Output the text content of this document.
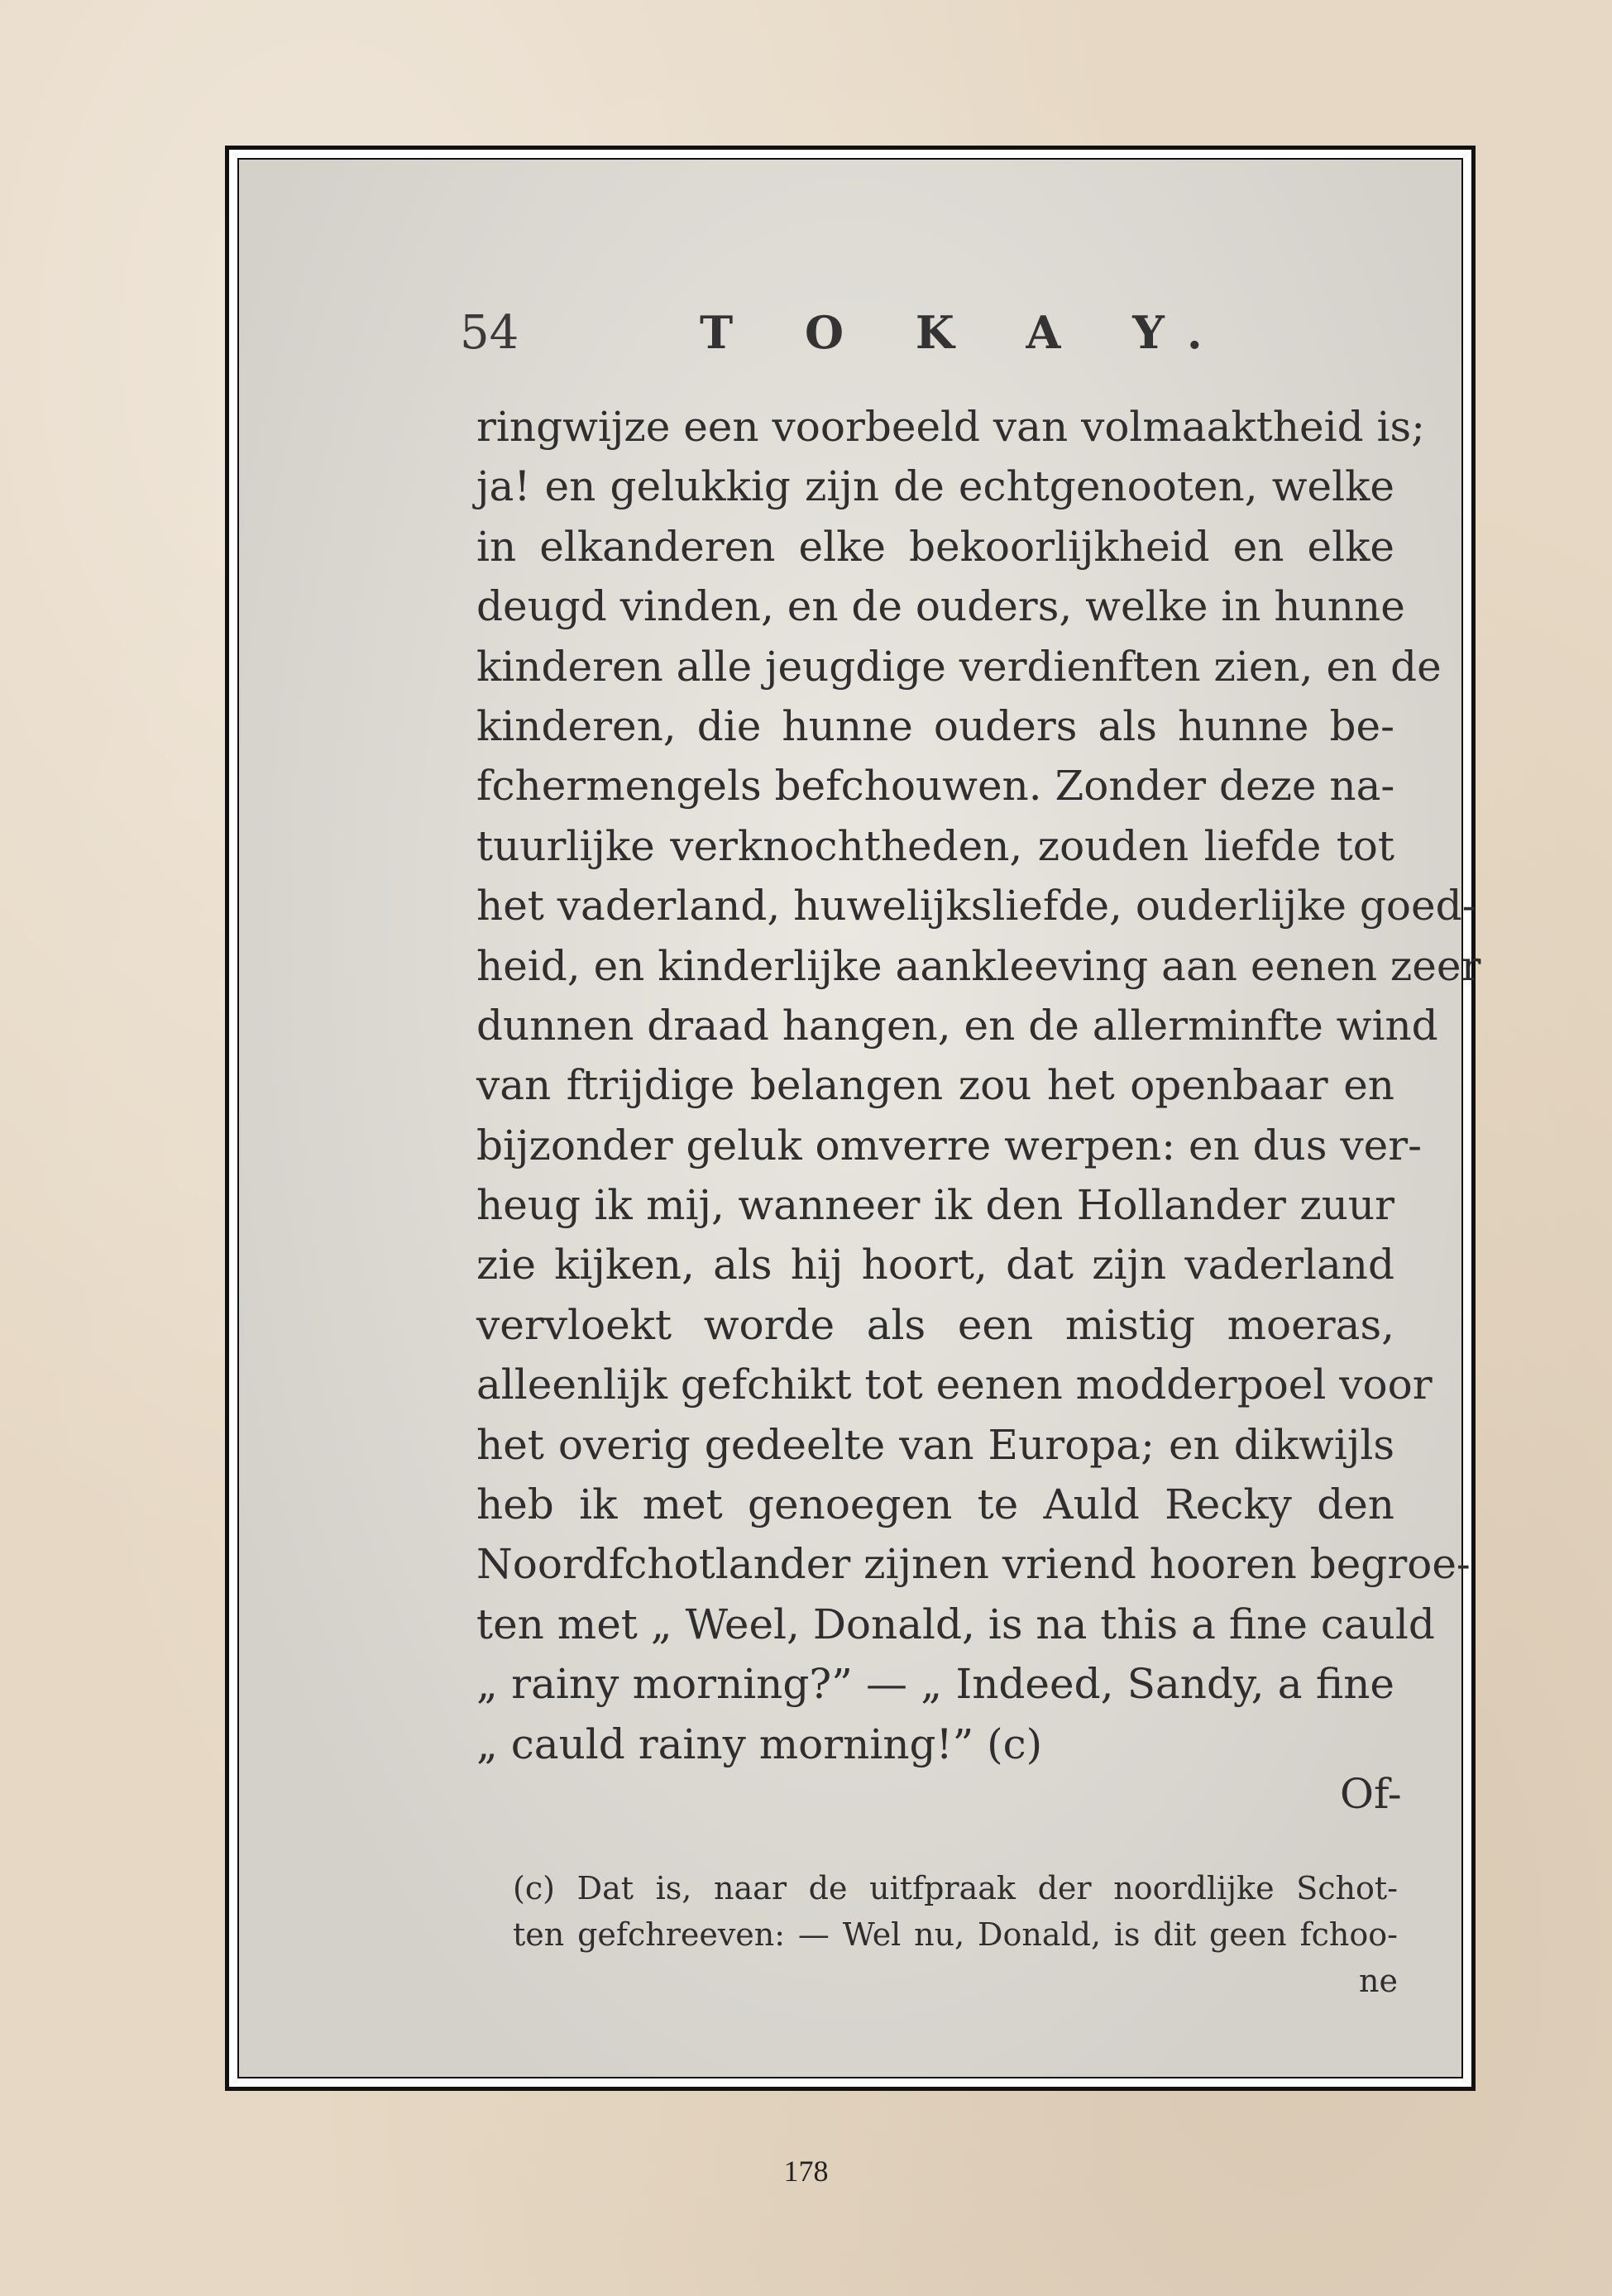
54	T O K A Y.
ringwijze een voorbeeld van volmaaktheid is;
ja! en gelukkig zijn de echtgenooten, welke
in elkanderen elke bekoorlijkheid en elke
deugd vinden, en de ouders, welke in hunne
kinderen alle jeugdige verdienften zien, en de
kinderen, die hunne ouders als hunne be-
fchermengels befchouwen. Zonder deze na-
tuurlijke verknochtheden, zouden liefde tot
het vaderland, huwelijksliefde, ouderlijke goed-
heid, en kinderlijke aankleeving aan eenen zeer
dunnen draad hangen, en de allerminfte wind
van ftrijdige belangen zou het openbaar en
bijzonder geluk omverre werpen: en dus ver-
heug ik mij, wanneer ik den Hollander zuur
zie kijken, als hij hoort, dat zijn vaderland
vervloekt worde als een mistig moeras,
alleenlijk gefchikt tot eenen modderpoel voor
het overig gedeelte van Europa; en dikwijls
heb ik met genoegen te Auld Recky den
Noordfchotlander zijnen vriend hooren begroe-
ten met „ Weel, Donald, is na this a fine cauld
„ rainy morning?” — „ Indeed, Sandy, a fine
„ cauld rainy morning!” (c)
Of-
(c) Dat is, naar de uitfpraak der noordlijke Schot-
ten gefchreeven: — Wel nu, Donald, is dit geen fchoo-
ne
178
